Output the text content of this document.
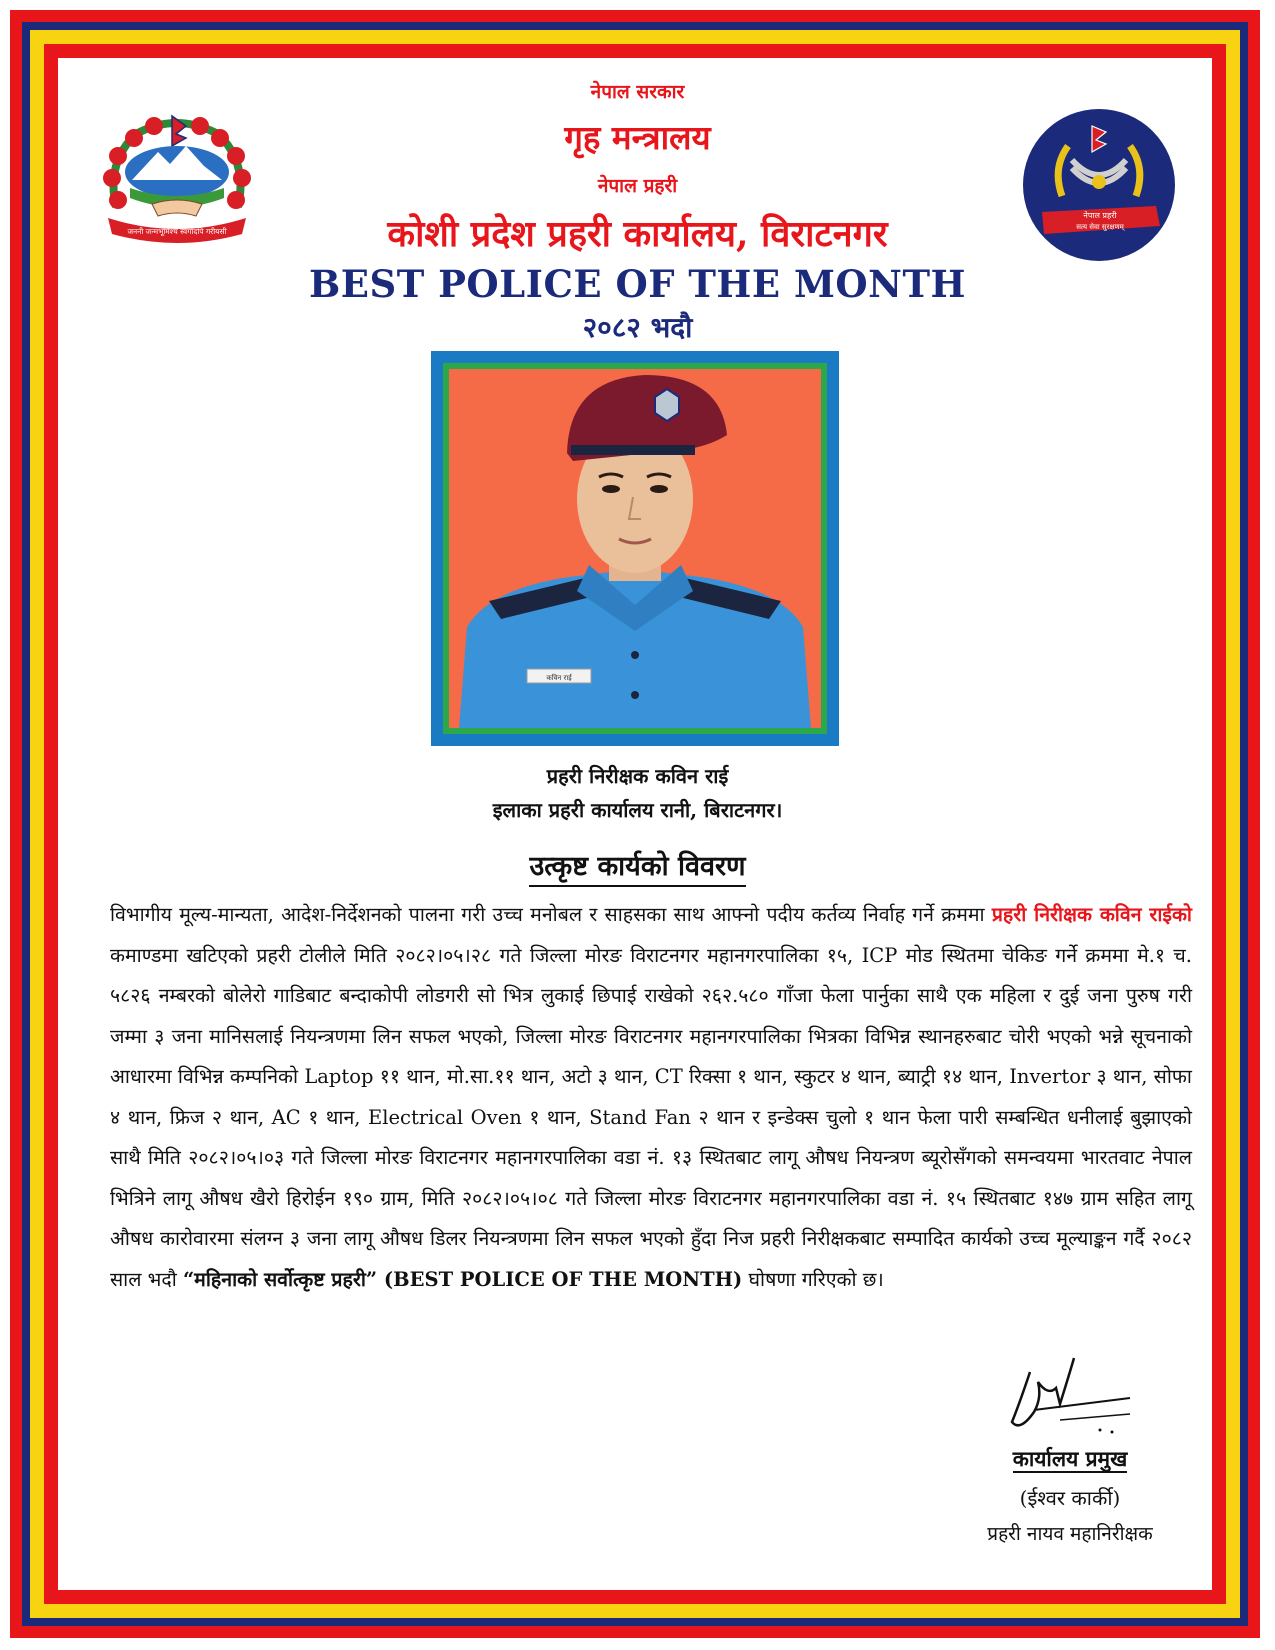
जननी जन्मभूमिश्च स्वर्गादपि गरीयसी
नेपाल प्रहरी
सत्य सेवा सुरक्षणम्
नेपाल सरकार
गृह मन्त्रालय
नेपाल प्रहरी
कोशी प्रदेश प्रहरी कार्यालय, विराटनगर
BEST POLICE OF THE MONTH
२०८२ भदौ
कविन राई
प्रहरी निरीक्षक कविन राई
इलाका प्रहरी कार्यालय रानी, बिराटनगर।
उत्कृष्ट कार्यको विवरण
विभागीय मूल्य-मान्यता, आदेश-निर्देशनको पालना गरी उच्च मनोबल र साहसका साथ आफ्नो पदीय कर्तव्य निर्वाह गर्ने क्रममा प्रहरी निरीक्षक कविन राईको कमाण्डमा खटिएको प्रहरी टोलीले मिति २०८२।०५।२८ गते जिल्ला मोरङ विराटनगर महानगरपालिका १५, ICP मोड स्थितमा चेकिङ गर्ने क्रममा मे.१ च. ५८२६ नम्बरको बोलेरो गाडिबाट बन्दाकोपी लोडगरी सो भित्र लुकाई छिपाई राखेको २६२.५८० गाँजा फेला पार्नुका साथै एक महिला र दुई जना पुरुष गरी जम्मा ३ जना मानिसलाई नियन्त्रणमा लिन सफल भएको, जिल्ला मोरङ विराटनगर महानगरपालिका भित्रका विभिन्न स्थानहरुबाट चोरी भएको भन्ने सूचनाको आधारमा विभिन्न कम्पनिको Laptop ११ थान, मो.सा.११ थान, अटो ३ थान, CT रिक्सा १ थान, स्कुटर ४ थान, ब्याट्री १४ थान, Invertor ३ थान, सोफा ४ थान, फ्रिज २ थान, AC १ थान, Electrical Oven १ थान, Stand Fan २ थान र इन्डेक्स चुलो १ थान फेला पारी सम्बन्धित धनीलाई बुझाएको साथै मिति २०८२।०५।०३ गते जिल्ला मोरङ विराटनगर महानगरपालिका वडा नं. १३ स्थितबाट लागू औषध नियन्त्रण ब्यूरोसँगको समन्वयमा भारतवाट नेपाल भित्रिने लागू औषध खैरो हिरोईन १९० ग्राम, मिति २०८२।०५।०८ गते जिल्ला मोरङ विराटनगर महानगरपालिका वडा नं. १५ स्थितबाट १४७ ग्राम सहित लागू औषध कारोवारमा संलग्न ३ जना लागू औषध डिलर नियन्त्रणमा लिन सफल भएको हुँदा निज प्रहरी निरीक्षकबाट सम्पादित कार्यको उच्च मूल्याङ्कन गर्दै २०८२ साल भदौ “महिनाको सर्वोत्कृष्ट प्रहरी” (BEST POLICE OF THE MONTH) घोषणा गरिएको छ।
कार्यालय प्रमुख
(ईश्वर कार्की)
प्रहरी नायव महानिरीक्षक
